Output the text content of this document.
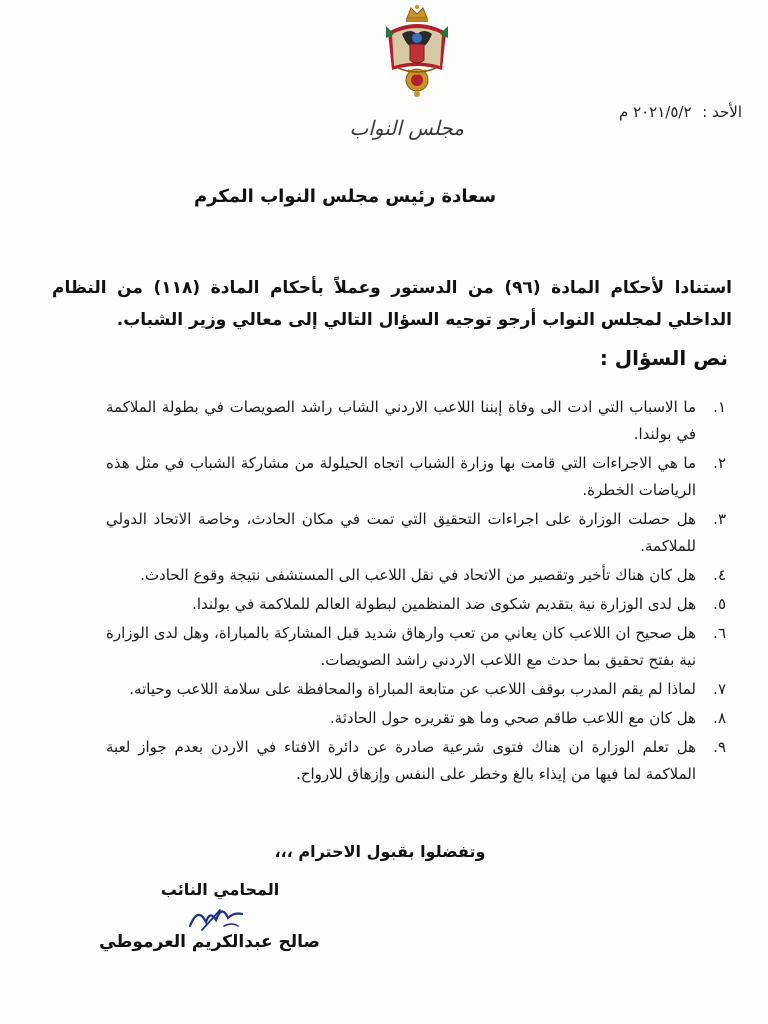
الأحد : ٢٠٢١/٥/٢ م
مجلس النواب
سعادة رئيس مجلس النواب المكرم

استنادا لأحكام المادة (٩٦) من الدستور وعملاً بأحكام المادة (١١٨) من النظام الداخلي لمجلس النواب أرجو توجيه السؤال التالي إلى معالي وزير الشباب.

نص السؤال :
١.
ما الاسباب التي ادت الى وفاة إبننا اللاعب الاردني الشاب راشد الصويصات في بطولة الملاكمة في بولندا.
٢.
ما هي الاجراءات التي قامت بها وزارة الشباب اتجاه الحيلولة من مشاركة الشباب في مثل هذه الرياضات الخطرة.
٣.
هل حصلت الوزارة على اجراءات التحقيق التي تمت في مكان الحادث، وخاصة الاتحاد الدولي للملاكمة.
٤.
هل كان هناك تأخير وتقصير من الاتحاد في نقل اللاعب الى المستشفى نتيجة وقوع الحادث.
٥.
هل لدى الوزارة نية بتقديم شكوى ضد المنظمين لبطولة العالم للملاكمة في بولندا.
٦.
هل صحيح ان اللاعب كان يعاني من تعب وارهاق شديد قبل المشاركة بالمباراة، وهل لدى الوزارة نية بفتح تحقيق بما حدث مع اللاعب الاردني راشد الصويصات.
٧.
لماذا لم يقم المدرب بوقف اللاعب عن متابعة المباراة والمحافظة على سلامة اللاعب وحياته.
٨.
هل كان مع اللاعب طاقم صحي وما هو تقريره حول الحادثة.
٩.
هل تعلم الوزارة ان هناك فتوى شرعية صادرة عن دائرة الافتاء في الاردن بعدم جواز لعبة الملاكمة لما فيها من إيذاء بالغ وخطر على النفس وإزهاق للارواح.
وتفضلوا بقبول الاحترام ،،،
المحامي النائب
صالح عبدالكريم العرموطي
